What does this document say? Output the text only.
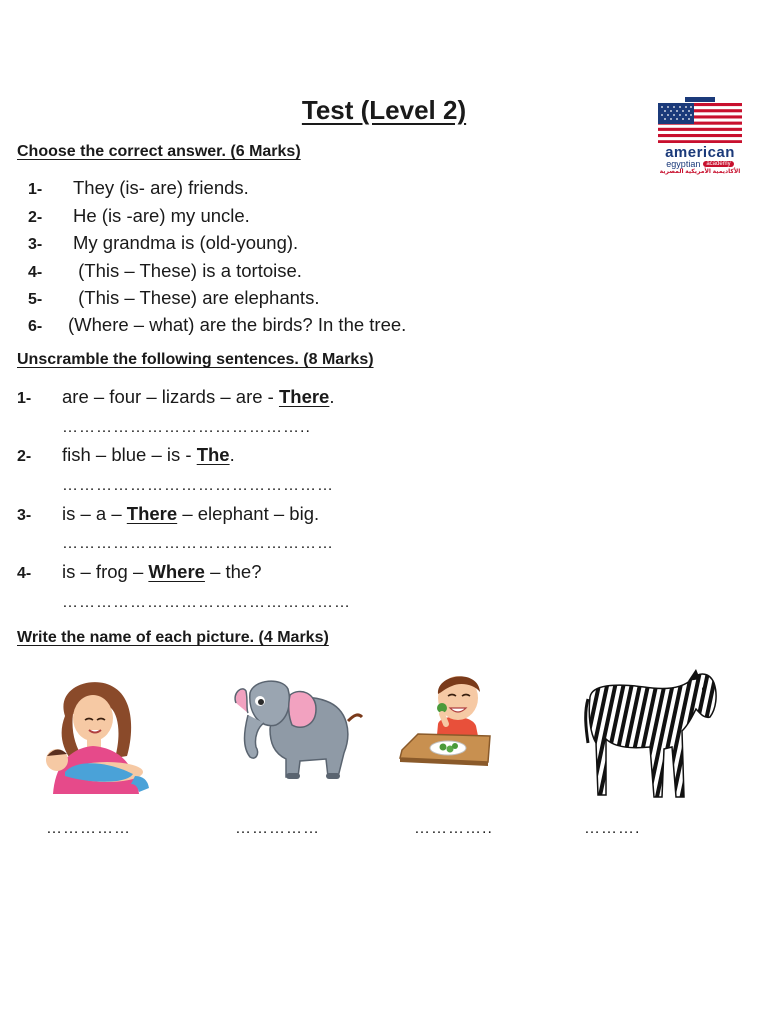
Test (Level 2)
american
egyptian	academy
الأكاديمية الأمريكية المصرية
Choose the correct answer. (6 Marks)
1- They (is- are) friends.
2- He (is -are) my uncle.
3- My grandma is (old-young).
4- (This – These) is a tortoise.
5- (This – These) are elephants.
6- (Where – what) are the birds? In the tree.
Unscramble the following sentences. (8 Marks)
1- are – four – lizards – are - There.
……………………………………..
2- fish – blue – is - The.
…………………………………………
3- is – a – There – elephant – big.
…………………………………………
4- is – frog – Where – the?
……………………………………………
Write the name of each picture. (4 Marks)
……………	……………	…………..	……….
